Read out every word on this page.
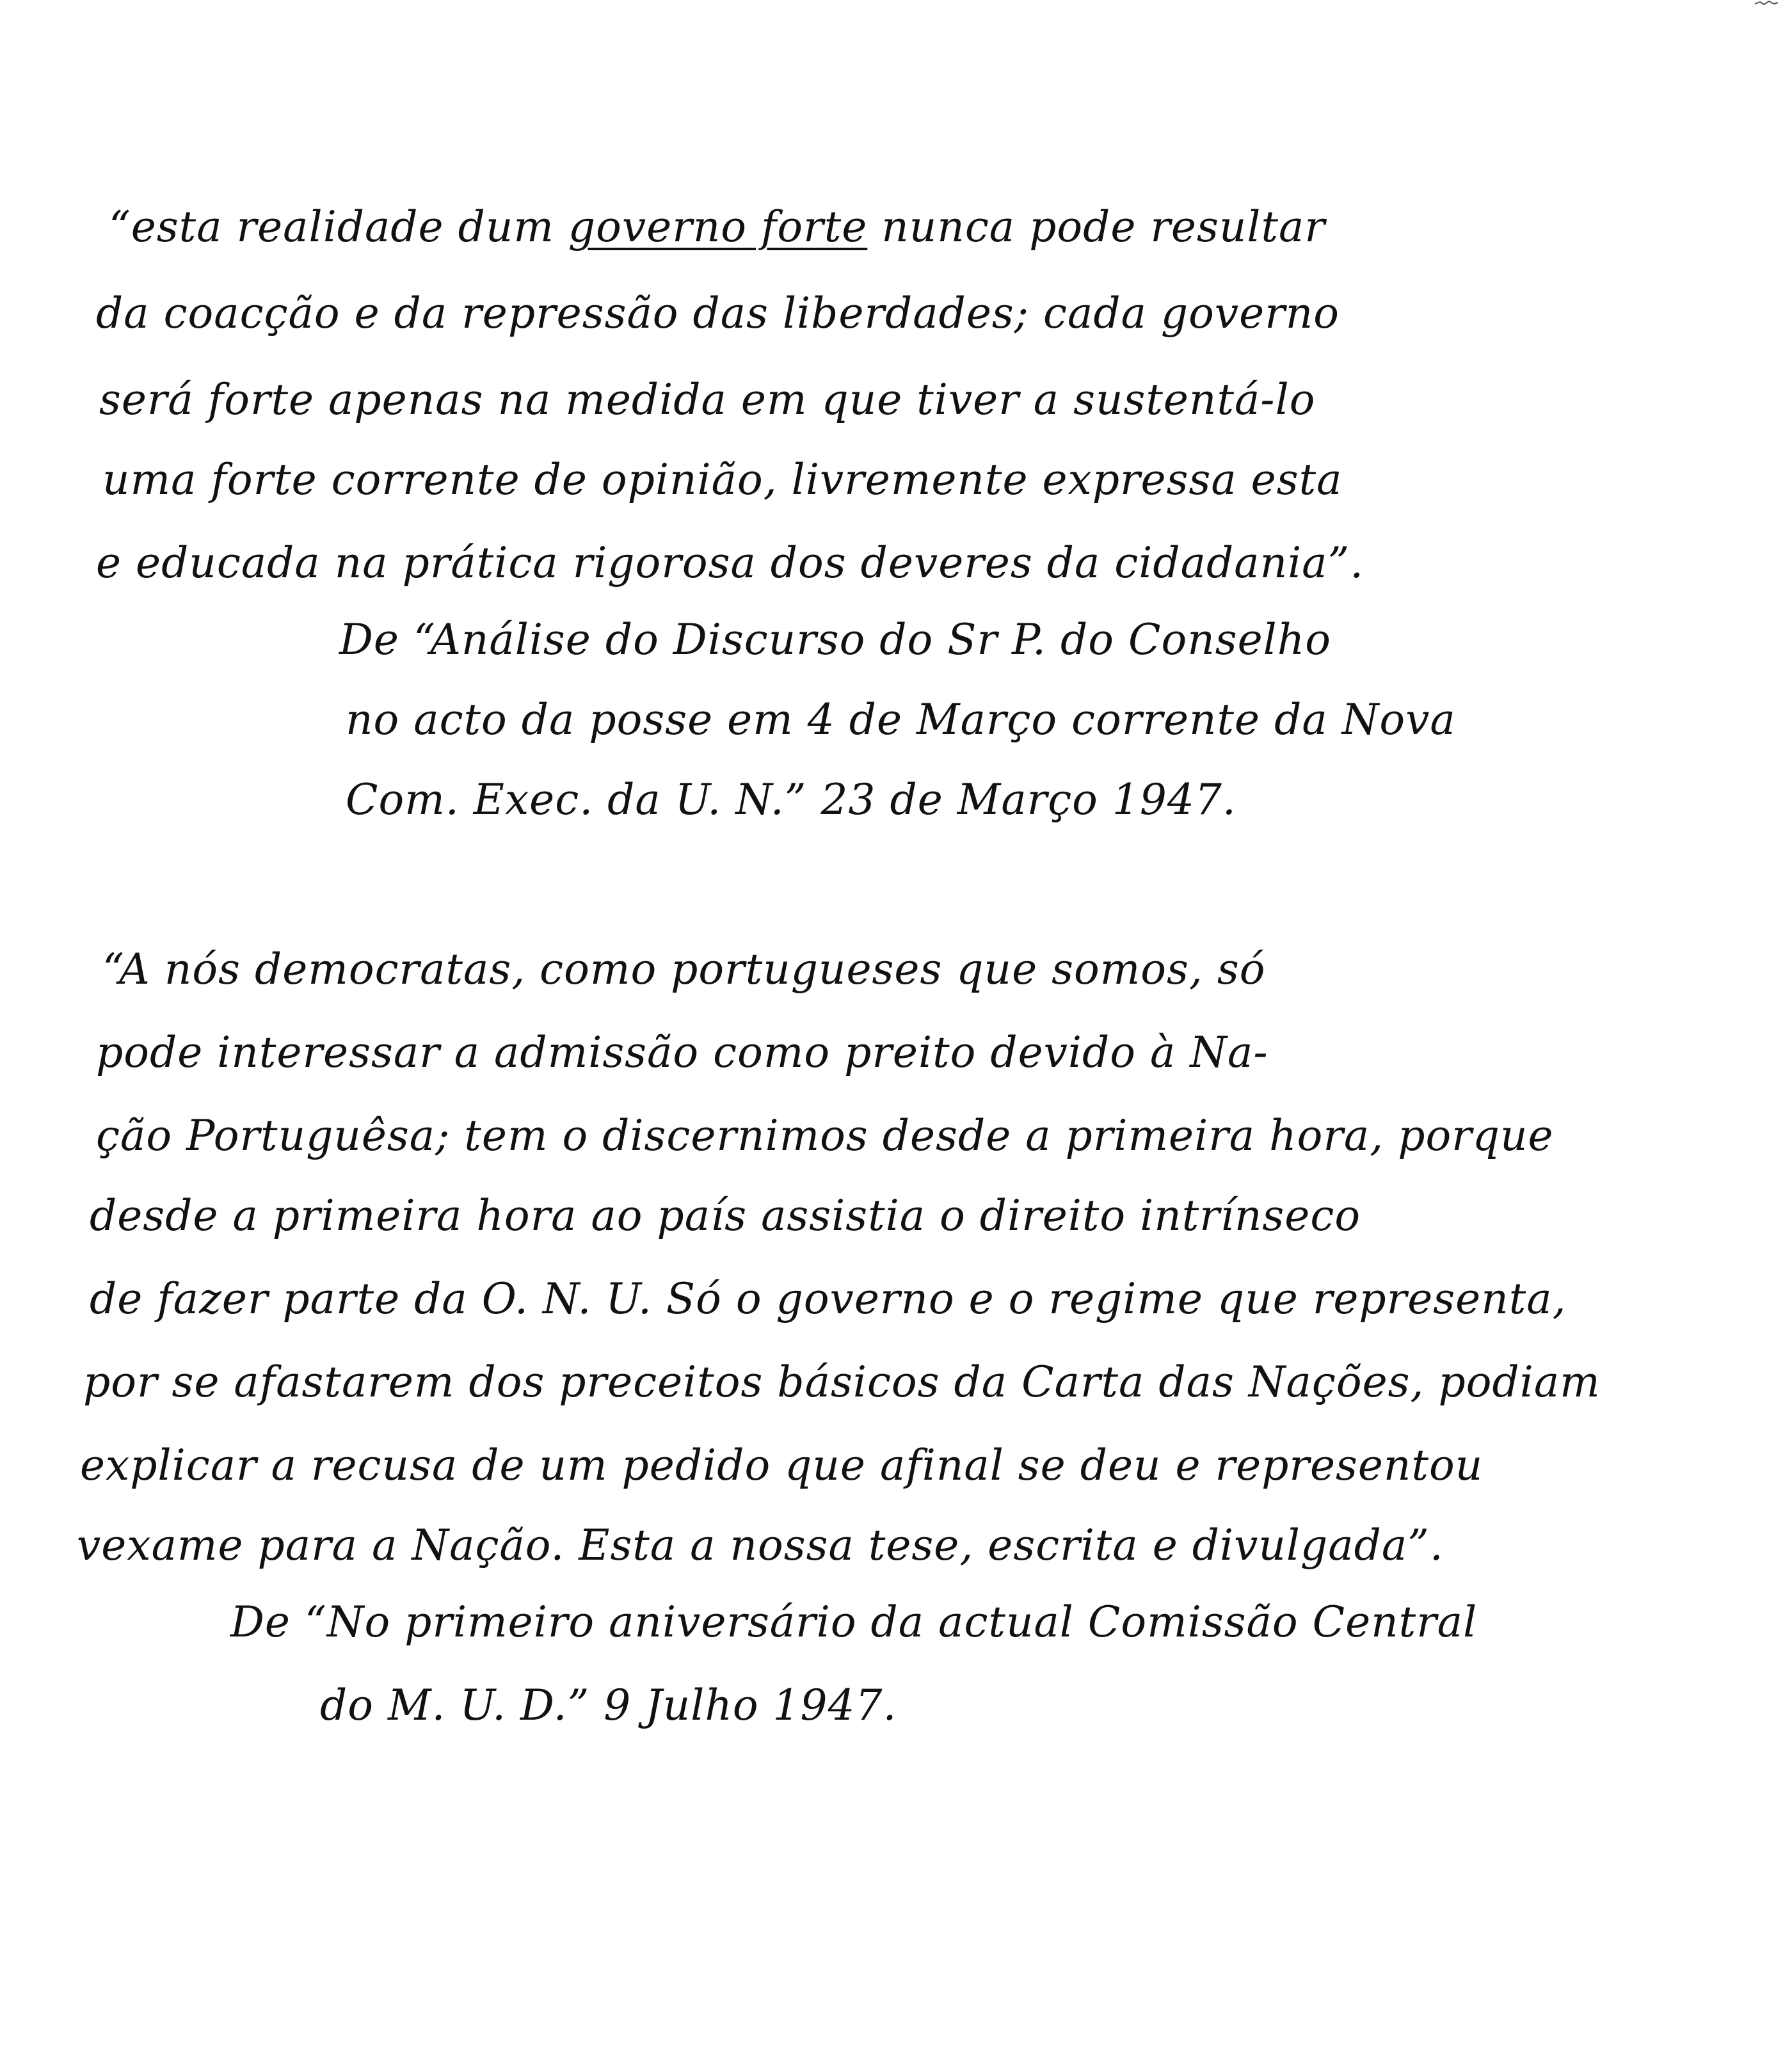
“esta realidade dum governo forte nunca pode resultar
da coacção e da repressão das liberdades; cada governo
será forte apenas na medida em que tiver a sustentá-lo
uma forte corrente de opinião, livremente expressa esta
e educada na prática rigorosa dos deveres da cidadania”.
De “Análise do Discurso do Sr P. do Conselho
no acto da posse em 4 de Março corrente da Nova
Com. Exec. da U. N.” 23 de Março 1947.
“A nós democratas, como portugueses que somos, só
pode interessar a admissão como preito devido à Na-
ção Portuguêsa; tem o discernimos desde a primeira hora, porque
desde a primeira hora ao país assistia o direito intrínseco
de fazer parte da O. N. U. Só o governo e o regime que representa,
por se afastarem dos preceitos básicos da Carta das Nações, podiam
explicar a recusa de um pedido que afinal se deu e representou
vexame para a Nação. Esta a nossa tese, escrita e divulgada”.
De “No primeiro aniversário da actual Comissão Central
do M. U. D.” 9 Julho 1947.
